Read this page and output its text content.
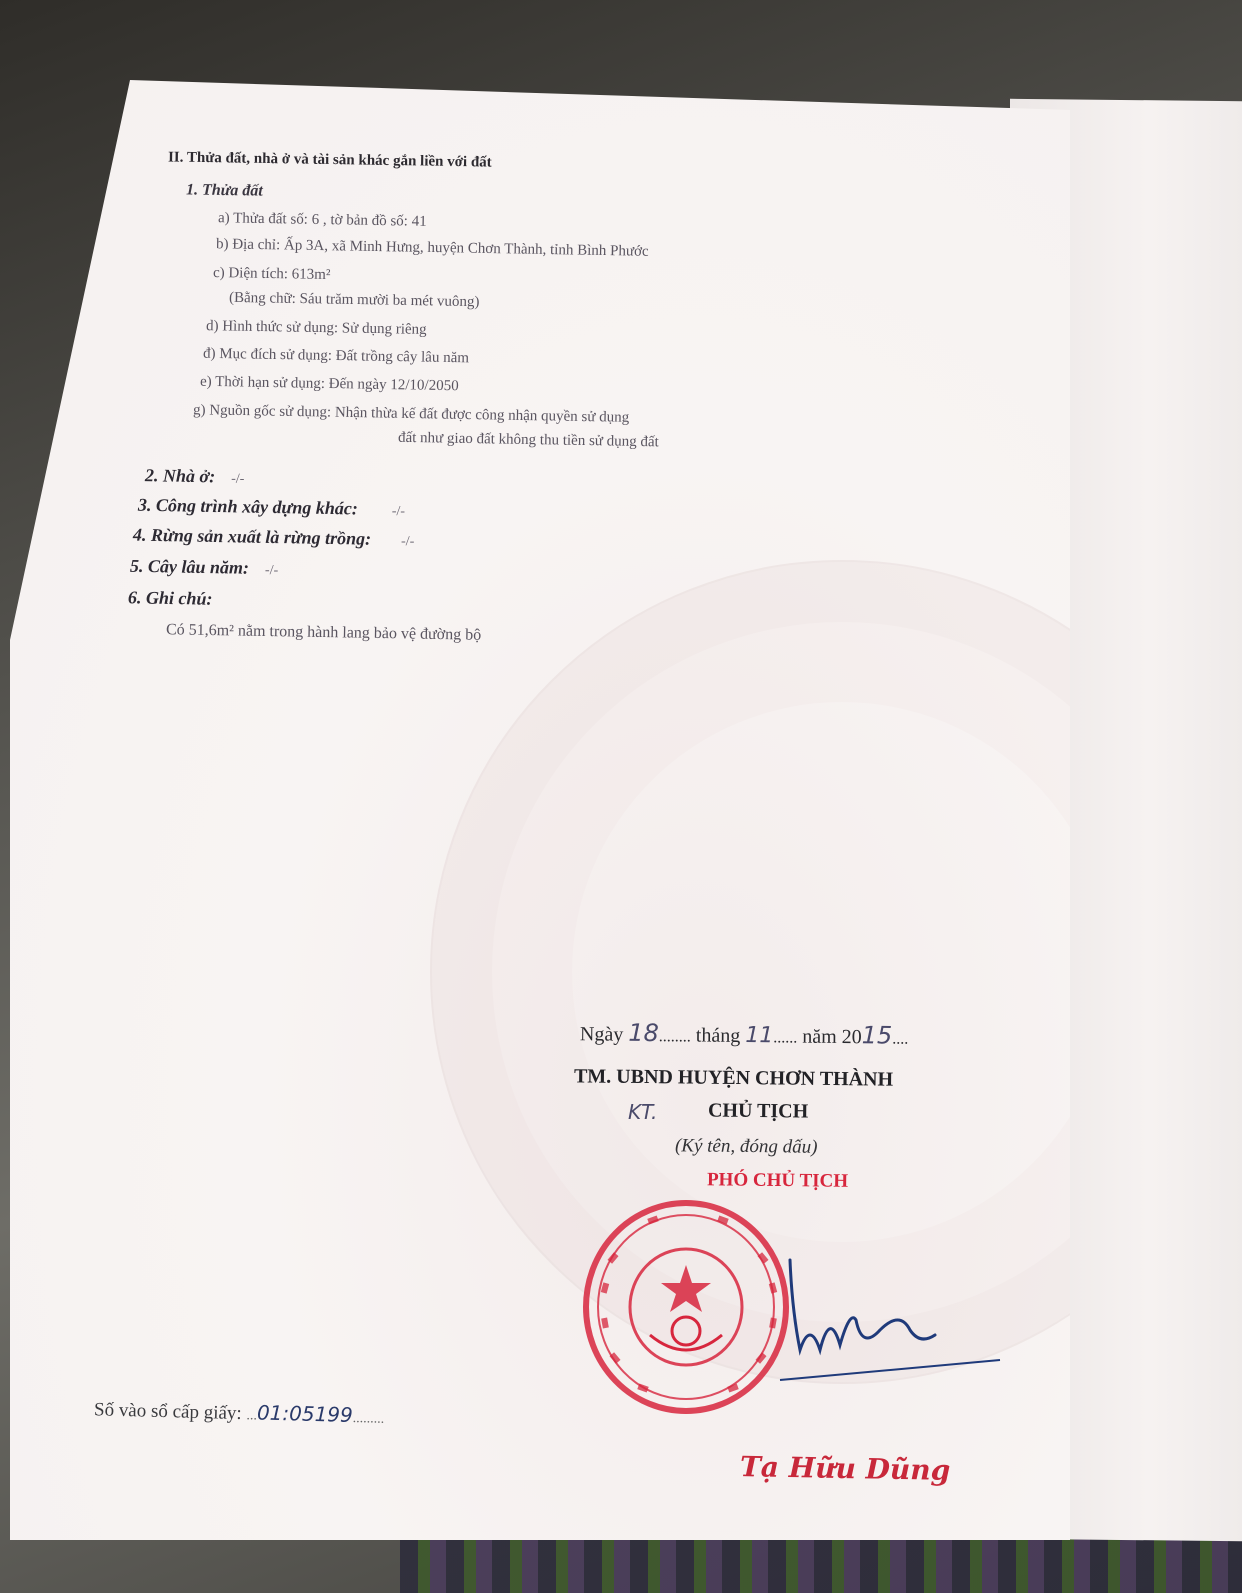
II. Thửa đất, nhà ở và tài sản khác gắn liền với đất
1. Thửa đất
a) Thửa đất số: 6 , tờ bản đồ số: 41
b) Địa chỉ: Ấp 3A, xã Minh Hưng, huyện Chơn Thành, tỉnh Bình Phước
c) Diện tích: 613m²
(Bằng chữ: Sáu trăm mười ba mét vuông)
d) Hình thức sử dụng: Sử dụng riêng
đ) Mục đích sử dụng: Đất trồng cây lâu năm
e) Thời hạn sử dụng: Đến ngày 12/10/2050
g) Nguồn gốc sử dụng: Nhận thừa kế đất được công nhận quyền sử dụng
đất như giao đất không thu tiền sử dụng đất
2. Nhà ở: -/-
3. Công trình xây dựng khác: -/-
4. Rừng sản xuất là rừng trồng: -/-
5. Cây lâu năm: -/-
6. Ghi chú:
Có 51,6m² nằm trong hành lang bảo vệ đường bộ
Ngày 18........ tháng 11...... năm 2015....
TM. UBND HUYỆN CHƠN THÀNH
KT.	CHỦ TỊCH
(Ký tên, đóng dấu)
PHÓ CHỦ TỊCH
Tạ Hữu Dũng
Số vào sổ cấp giấy: ...01:05199.........
